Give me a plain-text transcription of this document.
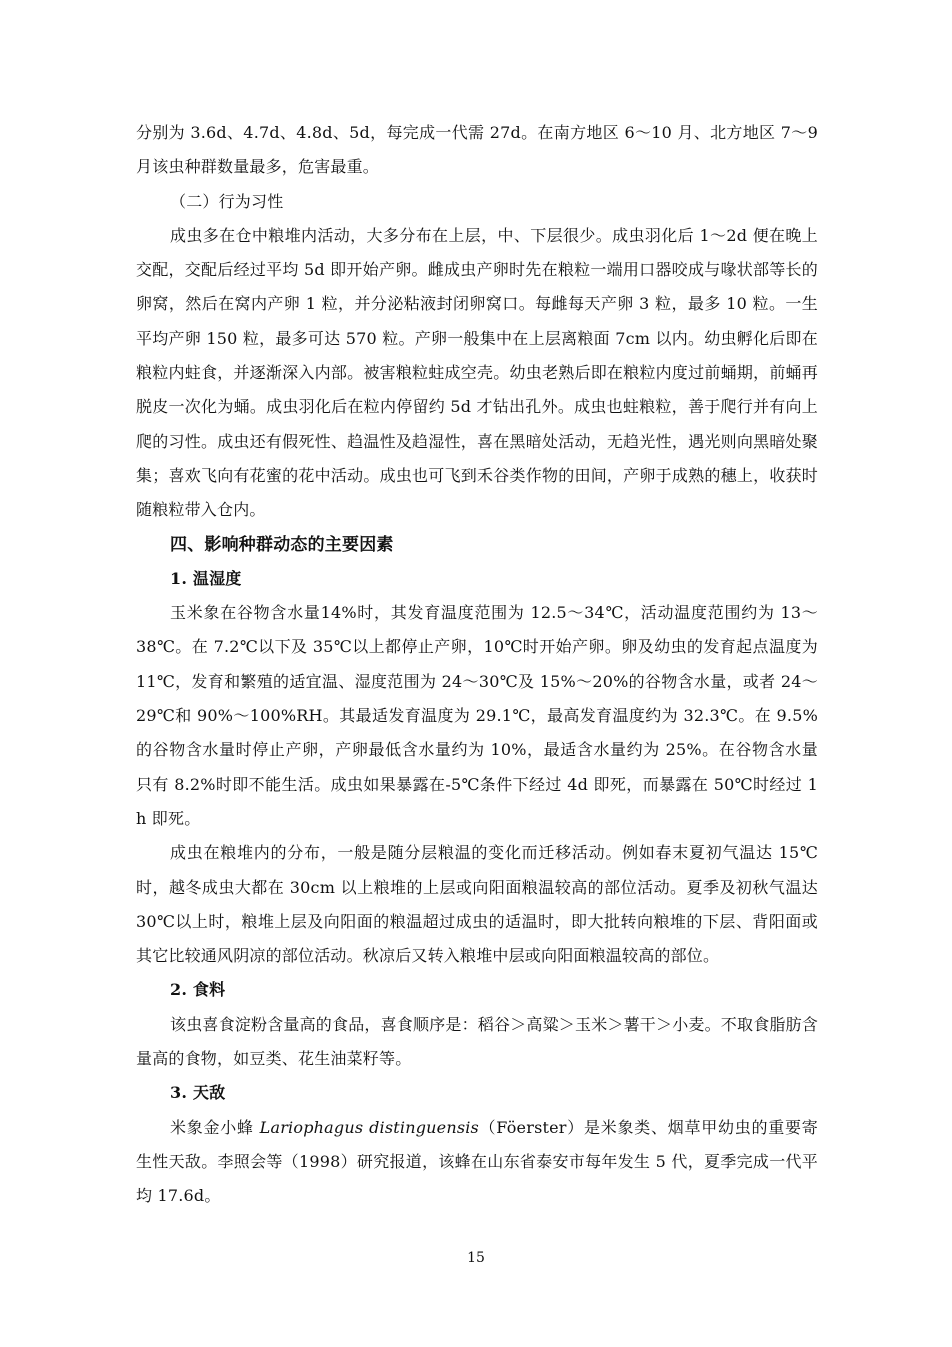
分别为 3.6d、4.7d、4.8d、5d，每完成一代需 27d。在南方地区 6～10 月、北方地区 7～9 月该虫种群数量最多，危害最重。

（二）行为习性

成虫多在仓中粮堆内活动，大多分布在上层，中、下层很少。成虫羽化后 1～2d 便在晚上交配，交配后经过平均 5d 即开始产卵。雌成虫产卵时先在粮粒一端用口器咬成与喙状部等长的卵窝，然后在窝内产卵 1 粒，并分泌粘液封闭卵窝口。每雌每天产卵 3 粒，最多 10 粒。一生平均产卵 150 粒，最多可达 570 粒。产卵一般集中在上层离粮面 7cm 以内。幼虫孵化后即在粮粒内蛀食，并逐渐深入内部。被害粮粒蛀成空壳。幼虫老熟后即在粮粒内度过前蛹期，前蛹再脱皮一次化为蛹。成虫羽化后在粒内停留约 5d 才钻出孔外。成虫也蛀粮粒，善于爬行并有向上爬的习性。成虫还有假死性、趋温性及趋湿性，喜在黑暗处活动，无趋光性，遇光则向黑暗处聚集；喜欢飞向有花蜜的花中活动。成虫也可飞到禾谷类作物的田间，产卵于成熟的穗上，收获时随粮粒带入仓内。

四、影响种群动态的主要因素

1. 温湿度

玉米象在谷物含水量14%时，其发育温度范围为 12.5～34℃，活动温度范围约为 13～38℃。在 7.2℃以下及 35℃以上都停止产卵，10℃时开始产卵。卵及幼虫的发育起点温度为 11℃，发育和繁殖的适宜温、湿度范围为 24～30℃及 15%～20%的谷物含水量，或者 24～29℃和 90%～100%RH。其最适发育温度为 29.1℃，最高发育温度约为 32.3℃。在 9.5%的谷物含水量时停止产卵，产卵最低含水量约为 10%，最适含水量约为 25%。在谷物含水量只有 8.2%时即不能生活。成虫如果暴露在-5℃条件下经过 4d 即死，而暴露在 50℃时经过 1 h 即死。

成虫在粮堆内的分布，一般是随分层粮温的变化而迁移活动。例如春末夏初气温达 15℃时，越冬成虫大都在 30cm 以上粮堆的上层或向阳面粮温较高的部位活动。夏季及初秋气温达 30℃以上时，粮堆上层及向阳面的粮温超过成虫的适温时，即大批转向粮堆的下层、背阳面或其它比较通风阴凉的部位活动。秋凉后又转入粮堆中层或向阳面粮温较高的部位。

2. 食料

该虫喜食淀粉含量高的食品，喜食顺序是：稻谷＞高粱＞玉米＞薯干＞小麦。不取食脂肪含量高的食物，如豆类、花生油菜籽等。

3. 天敌

米象金小蜂 Lariophagus distinguensis（Föerster）是米象类、烟草甲幼虫的重要寄生性天敌。李照会等（1998）研究报道，该蜂在山东省泰安市每年发生 5 代，夏季完成一代平均 17.6d。

15
